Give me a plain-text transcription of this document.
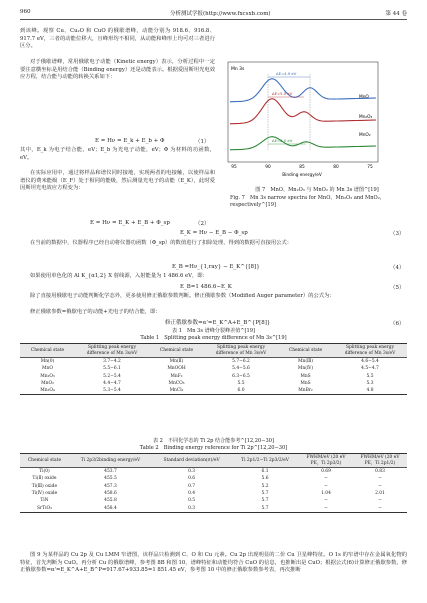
960	分析测试学报(http://www.fxcsxb.com)	第 44 卷

到该峰。观察 Cu、Cu₂O 和 CuO 的俄歇谱峰，动能分别为 918.6、916.8、917.7 eV，三者的动能位移大，且峰形均不相同，从动能和峰形上均可对三者进行区分。

对于俄歇谱峰，常用俄歇电子动能（Kinetic energy）表示，分析过程中一定要注意横坐标是用结合能（Binding energy）还是动能表示。根据爱因斯坦光电效应方程，结合能与动能的转换关系如下：

E = Hν = E_k + E_b + Φ	（1）

其中，E_k 为电子结合能，eV；E_b 为光电子动能，eV；Φ 为材料的功函数，eV。

在实际应用中，通过将样品和谱仪同时接地，实现两者的电接触，以使样品和谱仪的费米能级（E_F）处于相同的能级，然后测量光电子的动能（E_K），此时爱因斯坦光电效应方程变为：

E = Hν = E_K + E_B + Φ_sp	（2）
Mn 3s
MnO
Mn₂O₃
MnO₂
ΔE=4.9 eV
ΔE=5.5 eV
ΔE=6.0 eV
95	90	85	80	75
Binding energy/eV
图 7　MnO、Mn₂O₃ 与 MnO₂ 的 Mn 3s 谱图^[19]
Fig. 7　Mn 3s narrow spectra for MnO、Mn₂O₃ and MnO₂，respectively^[19]
E_K = Hν − E_B − Φ_sp	（3）

在当前的数据中，仪器程序已经自动将仪器功函数（Φ_sp）的数值进行了扣除处理，得到的数据可直接用公式：

E_B =Hν_{1,ray} − E_K^{[8]}	（4）

如果使用单色化的 Al K_{α1,2} X 射线源，入射能量为 1 486.6 eV，即：

E_B=1 486.6−E_K	（5）

除了直接用俄歇电子动能判断化学态外，更多使用修正俄歇参数判断。修正俄歇参数（Modified Auger parameter）的公式为：

修正俄歇参数=俄歇电子的动能+光电子的结合能，即：

修正俄歇参数=α'=E_K^A+E_B^{P[8]}	（6）
表 1　Mn 3s 谱峰分裂峰差值^[19]
Table 1　Splitting peak energy difference of Mn 3s^[19]
Chemical state	Splitting peak energy difference of Mn 3s/eV	Chemical state	Splitting peak energy difference of Mn 3s/eV	Chemical state	Splitting peak energy difference of Mn 3s/eV
Mn(0)	3.7−4.2	Mn(Ⅱ)	5.7−6.2	Mn(Ⅲ)	4.6−5.4
MnO	5.5−6.1	MnOOH	5.4−5.6	Mn(Ⅳ)	4.5−4.7
Mn₂O₃	5.2−5.4	MnF₂	6.3−6.5	MnS	5.5
MnO₂	4.4−4.7	MnCO₃	5.5	MnS	5.3
Mn₃O₄	5.3−5.4	MnCl₂	6.0	MnBr₂	4.8
表 2　不同化学态的 Ti 2p 结合能参考^[12,20−30]
Table 2　Binding energy reference for Ti 2p^[12,20−30]
Chemical state	Ti 2p3/2binding energy/eV	Standard deviation(σ)/eV	Ti 2p1/2−Ti 2p3/2/eV	FWHM/eV (20 eV PE，Ti 2p3/2)	FWHM/eV (20 eV PE，Ti 2p1/2)
Ti(0)	453.7	0.3	6.1	0.69	0.83
Ti(Ⅱ) oxide	455.5	0.6	5.6	−	−
Ti(Ⅲ) oxide	457.3	0.7	5.2	−	−
Ti(Ⅳ) oxide	458.6	0.4	5.7	1.04	2.01
TiN	455.8	0.5	5.7	−	−
SrTiO₃	458.4	0.3	5.7	−	−

图 9 为某样品的 Cu 2p 及 Cu LMM 窄谱图，该样品只检测到 C、O 和 Cu 元素。Cu 2p 出现明显的二价 Cu 卫星峰特征。O 1s 的窄谱中存在金属氧化物的特征，首先判断为 CuO。再分析 Cu 的俄歇谱峰，参考图 8B 和图 10，谱峰特征和动能均符合 CuO 的信息，也推断出是 CuO；根据公式(6)计算修正俄歇参数，修正俄歇参数=α'=E_K^A+E_B^P=917.67+933.85=1 851.45 eV，参考图 10 中的修正俄歇参数参考表，再次推断
